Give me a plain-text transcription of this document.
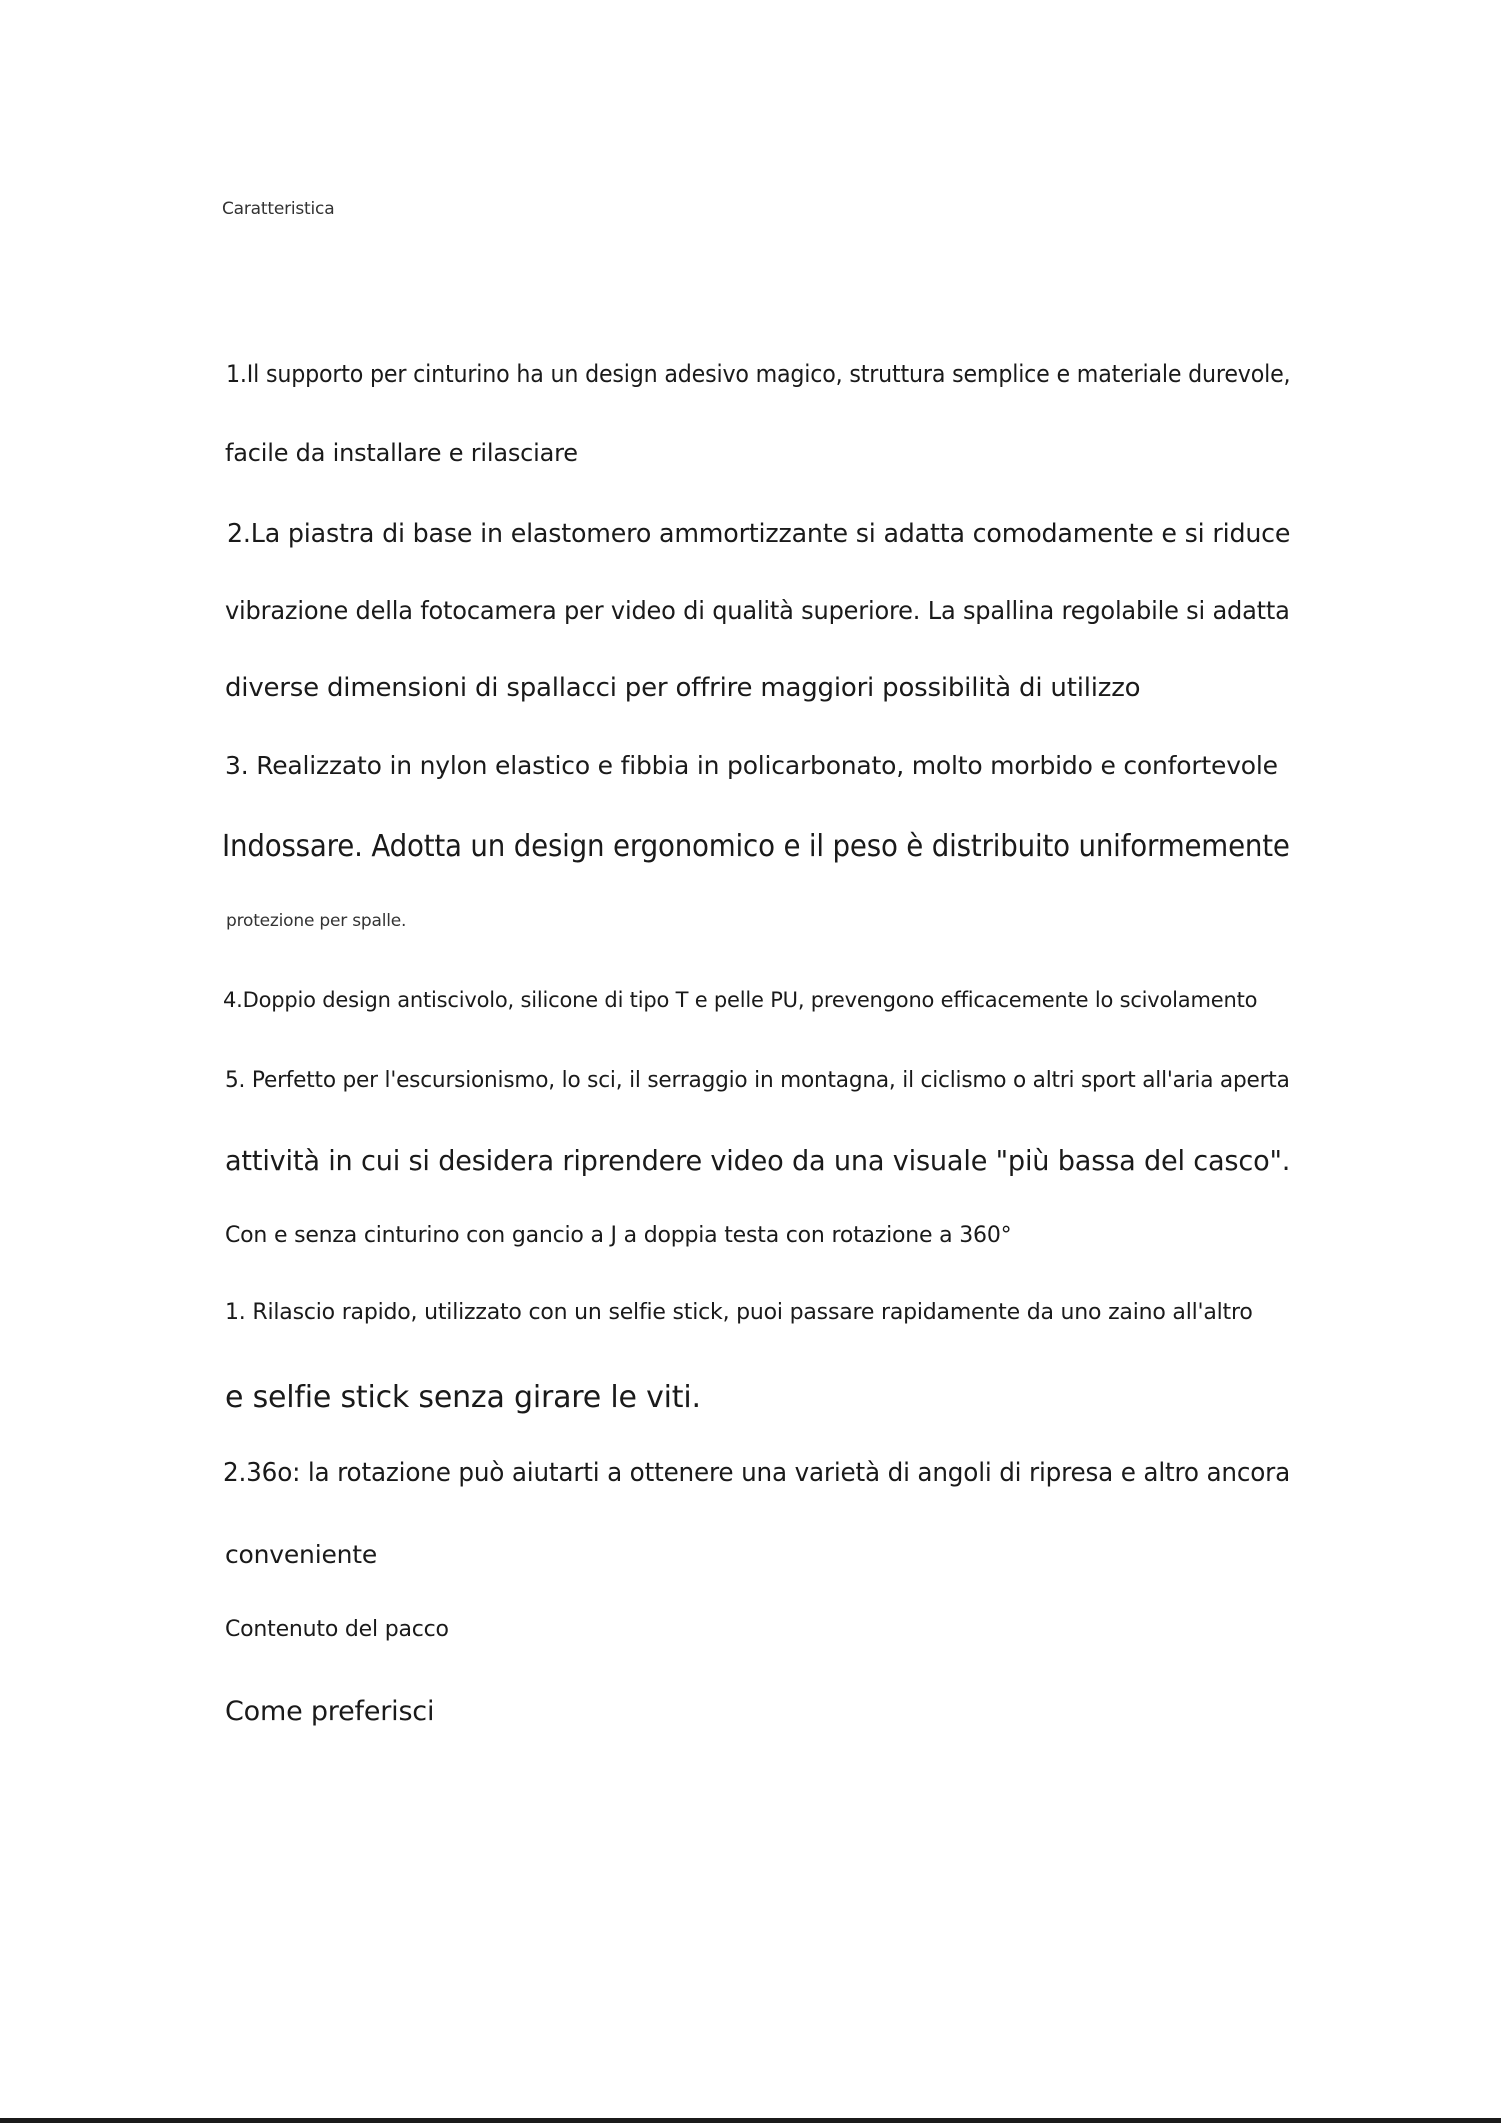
Caratteristica
1.Il supporto per cinturino ha un design adesivo magico, struttura semplice e materiale durevole,
facile da installare e rilasciare
2.La piastra di base in elastomero ammortizzante si adatta comodamente e si riduce
vibrazione della fotocamera per video di qualità superiore. La spallina regolabile si adatta
diverse dimensioni di spallacci per offrire maggiori possibilità di utilizzo
3. Realizzato in nylon elastico e fibbia in policarbonato, molto morbido e confortevole
Indossare. Adotta un design ergonomico e il peso è distribuito uniformemente
protezione per spalle.
4.Doppio design antiscivolo, silicone di tipo T e pelle PU, prevengono efficacemente lo scivolamento
5. Perfetto per l'escursionismo, lo sci, il serraggio in montagna, il ciclismo o altri sport all'aria aperta
attività in cui si desidera riprendere video da una visuale "più bassa del casco".
Con e senza cinturino con gancio a J a doppia testa con rotazione a 360°
1. Rilascio rapido, utilizzato con un selfie stick, puoi passare rapidamente da uno zaino all'altro
e selfie stick senza girare le viti.
2.36o: la rotazione può aiutarti a ottenere una varietà di angoli di ripresa e altro ancora
conveniente
Contenuto del pacco
Come preferisci
